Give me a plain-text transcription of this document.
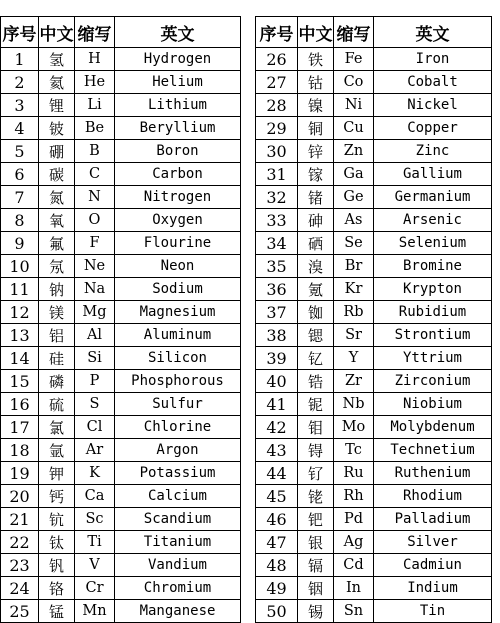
序号	中文	缩写	英文
1	氢	H	Hydrogen
2	氦	He	Helium
3	锂	Li	Lithium
4	铍	Be	Beryllium
5	硼	B	Boron
6	碳	C	Carbon
7	氮	N	Nitrogen
8	氧	O	Oxygen
9	氟	F	Flourine
10	氖	Ne	Neon
11	钠	Na	Sodium
12	镁	Mg	Magnesium
13	铝	Al	Aluminum
14	硅	Si	Silicon
15	磷	P	Phosphorous
16	硫	S	Sulfur
17	氯	Cl	Chlorine
18	氩	Ar	Argon
19	钾	K	Potassium
20	钙	Ca	Calcium
21	钪	Sc	Scandium
22	钛	Ti	Titanium
23	钒	V	Vandium
24	铬	Cr	Chromium
25	锰	Mn	Manganese
序号	中文	缩写	英文
26	铁	Fe	Iron
27	钴	Co	Cobalt
28	镍	Ni	Nickel
29	铜	Cu	Copper
30	锌	Zn	Zinc
31	镓	Ga	Gallium
32	锗	Ge	Germanium
33	砷	As	Arsenic
34	硒	Se	Selenium
35	溴	Br	Bromine
36	氪	Kr	Krypton
37	铷	Rb	Rubidium
38	锶	Sr	Strontium
39	钇	Y	Yttrium
40	锆	Zr	Zirconium
41	铌	Nb	Niobium
42	钼	Mo	Molybdenum
43	锝	Tc	Technetium
44	钌	Ru	Ruthenium
45	铑	Rh	Rhodium
46	钯	Pd	Palladium
47	银	Ag	Silver
48	镉	Cd	Cadmiun
49	铟	In	Indium
50	锡	Sn	Tin
